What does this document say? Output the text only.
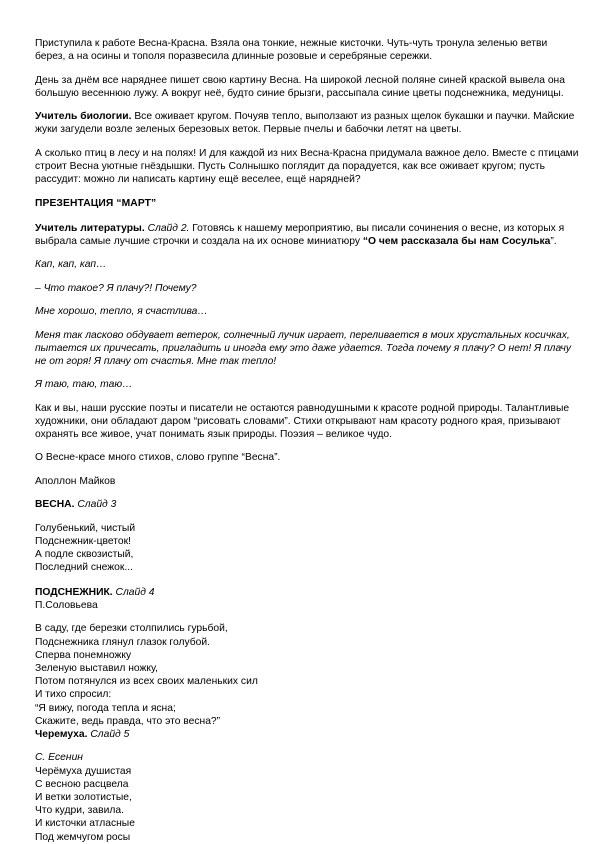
Приступила к работе Весна-Красна. Взяла она тонкие, нежные кисточки. Чуть-чуть тронула зеленью ветви берез, а на осины и тополя поразвесила длинные розовые и серебряные сережки.

День за днём все наряднее пишет свою картину Весна. На широкой лесной поляне синей краской вывела она большую весеннюю лужу. А вокруг неё, будто синие брызги, рассыпала синие цветы подснежника, медуницы.

Учитель биологии. Все оживает кругом. Почуяв тепло, выползают из разных щелок букашки и паучки. Майские жуки загудели возле зеленых березовых веток. Первые пчелы и бабочки летят на цветы.

А сколько птиц в лесу и на полях! И для каждой из них Весна-Красна придумала важное дело. Вместе с птицами строит Весна уютные гнёздышки. Пусть Солнышко поглядит да порадуется, как все оживает кругом; пусть рассудит: можно ли написать картину ещё веселее, ещё нарядней?

ПРЕЗЕНТАЦИЯ “МАРТ”

Учитель литературы. Слайд 2. Готовясь к нашему мероприятию, вы писали сочинения о весне, из которых я выбрала самые лучшие строчки и создала на их основе миниатюру “О чем рассказала бы нам Сосулька”.

Кап, кап, кап…

– Что такое? Я плачу?! Почему?

Мне хорошо, тепло, я счастлива…

Меня так ласково обдувает ветерок, солнечный лучик играет, переливается в моих хрустальных косичках, пытается их причесать, пригладить и иногда ему это даже удается. Тогда почему я плачу? О нет! Я плачу не от горя! Я плачу от счастья. Мне так тепло!

Я таю, таю, таю…

Как и вы, наши русские поэты и писатели не остаются равнодушными к красоте родной природы. Талантливые художники, они обладают даром “рисовать словами”. Стихи открывают нам красоту родного края, призывают охранять все живое, учат понимать язык природы. Поэзия – великое чудо.

О Весне-красе много стихов, слово группе “Весна”.

Аполлон Майков

ВЕСНА. Слайд 3

Голубенький, чистый

Подснежник-цветок!

А подле сквозистый,

Последний снежок...

ПОДСНЕЖНИК. Слайд 4

П.Соловьева

В саду, где березки столпились гурьбой,

Подснежника глянул глазок голубой.

Сперва понемножку

Зеленую выставил ножку,

Потом потянулся из всех своих маленьких сил

И тихо спросил:

“Я вижу, погода тепла и ясна;

Скажите, ведь правда, что это весна?”

Черемуха. Слайд 5

С. Есенин

Черёмуха душистая

С весною расцвела

И ветки золотистые,

Что кудри, завила.

И кисточки атласные

Под жемчугом росы
